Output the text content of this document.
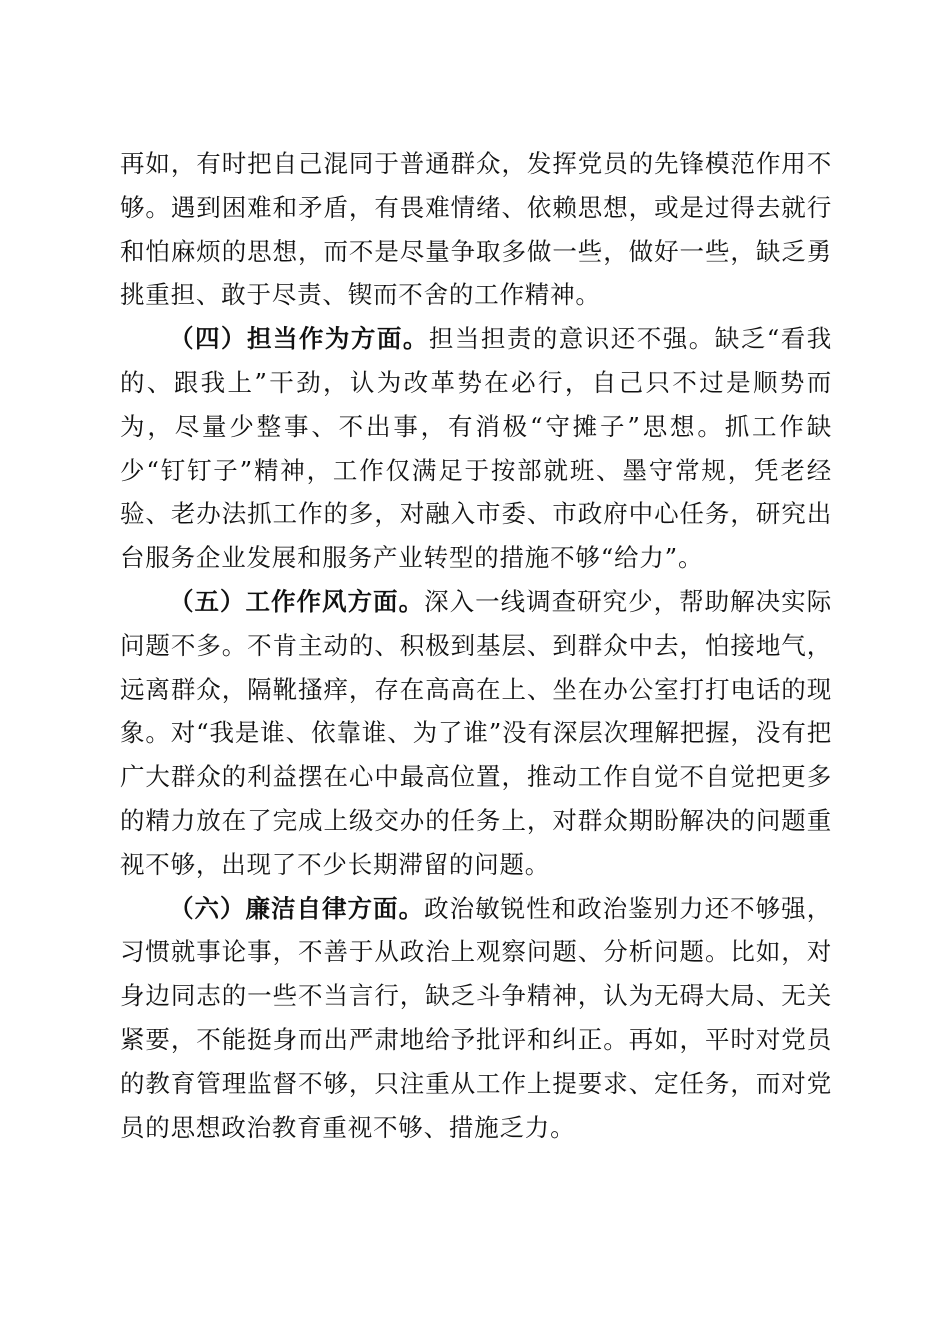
再如，有时把自己混同于普通群众，发挥党员的先锋模范作用不够。遇到困难和矛盾，有畏难情绪、依赖思想，或是过得去就行和怕麻烦的思想，而不是尽量争取多做一些，做好一些，缺乏勇挑重担、敢于尽责、锲而不舍的工作精神。

（四）担当作为方面。担当担责的意识还不强。缺乏“看我的、跟我上”干劲，认为改革势在必行，自己只不过是顺势而为，尽量少整事、不出事，有消极“守摊子”思想。抓工作缺少“钉钉子”精神，工作仅满足于按部就班、墨守常规，凭老经验、老办法抓工作的多，对融入市委、市政府中心任务，研究出台服务企业发展和服务产业转型的措施不够“给力”。

（五）工作作风方面。深入一线调查研究少，帮助解决实际问题不多。不肯主动的、积极到基层、到群众中去，怕接地气，远离群众，隔靴搔痒，存在高高在上、坐在办公室打打电话的现象。对“我是谁、依靠谁、为了谁”没有深层次理解把握，没有把广大群众的利益摆在心中最高位置，推动工作自觉不自觉把更多的精力放在了完成上级交办的任务上，对群众期盼解决的问题重视不够，出现了不少长期滞留的问题。

（六）廉洁自律方面。政治敏锐性和政治鉴别力还不够强，习惯就事论事，不善于从政治上观察问题、分析问题。比如，对身边同志的一些不当言行，缺乏斗争精神，认为无碍大局、无关紧要，不能挺身而出严肃地给予批评和纠正。再如，平时对党员的教育管理监督不够，只注重从工作上提要求、定任务，而对党员的思想政治教育重视不够、措施乏力。
